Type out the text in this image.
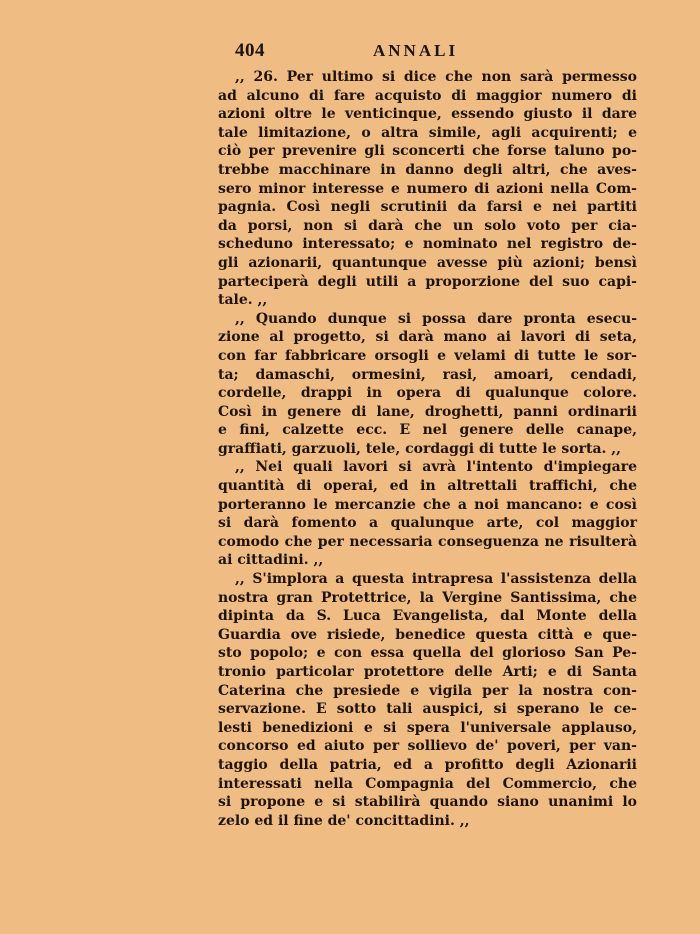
404	ANNALI
,, 26. Per ultimo si dice che non sarà permesso
ad alcuno di fare acquisto di maggior numero di
azioni oltre le venticinque, essendo giusto il dare
tale limitazione, o altra simile, agli acquirenti; e
ciò per prevenire gli sconcerti che forse taluno po-
trebbe macchinare in danno degli altri, che aves-
sero minor interesse e numero di azioni nella Com-
pagnia. Così negli scrutinii da farsi e nei partiti
da porsi, non si darà che un solo voto per cia-
scheduno interessato; e nominato nel registro de-
gli azionarii, quantunque avesse più azioni; bensì
parteciperà degli utili a proporzione del suo capi-
tale. ,,
,, Quando dunque si possa dare pronta esecu-
zione al progetto, si darà mano ai lavori di seta,
con far fabbricare orsogli e velami di tutte le sor-
ta; damaschi, ormesini, rasi, amoari, cendadi,
cordelle, drappi in opera di qualunque colore.
Così in genere di lane, droghetti, panni ordinarii
e fini, calzette ecc. E nel genere delle canape,
graffiati, garzuoli, tele, cordaggi di tutte le sorta. ,,
,, Nei quali lavori si avrà l'intento d'impiegare
quantità di operai, ed in altrettali traffichi, che
porteranno le mercanzie che a noi mancano: e così
si darà fomento a qualunque arte, col maggior
comodo che per necessaria conseguenza ne risulterà
ai cittadini. ,,
,, S'implora a questa intrapresa l'assistenza della
nostra gran Protettrice, la Vergine Santissima, che
dipinta da S. Luca Evangelista, dal Monte della
Guardia ove risiede, benedice questa città e que-
sto popolo; e con essa quella del glorioso San Pe-
tronio particolar protettore delle Arti; e di Santa
Caterina che presiede e vigila per la nostra con-
servazione. E sotto tali auspici, si sperano le ce-
lesti benedizioni e si spera l'universale applauso,
concorso ed aiuto per sollievo de' poveri, per van-
taggio della patria, ed a profitto degli Azionarii
interessati nella Compagnia del Commercio, che
si propone e si stabilirà quando siano unanimi lo
zelo ed il fine de' concittadini. ,,
